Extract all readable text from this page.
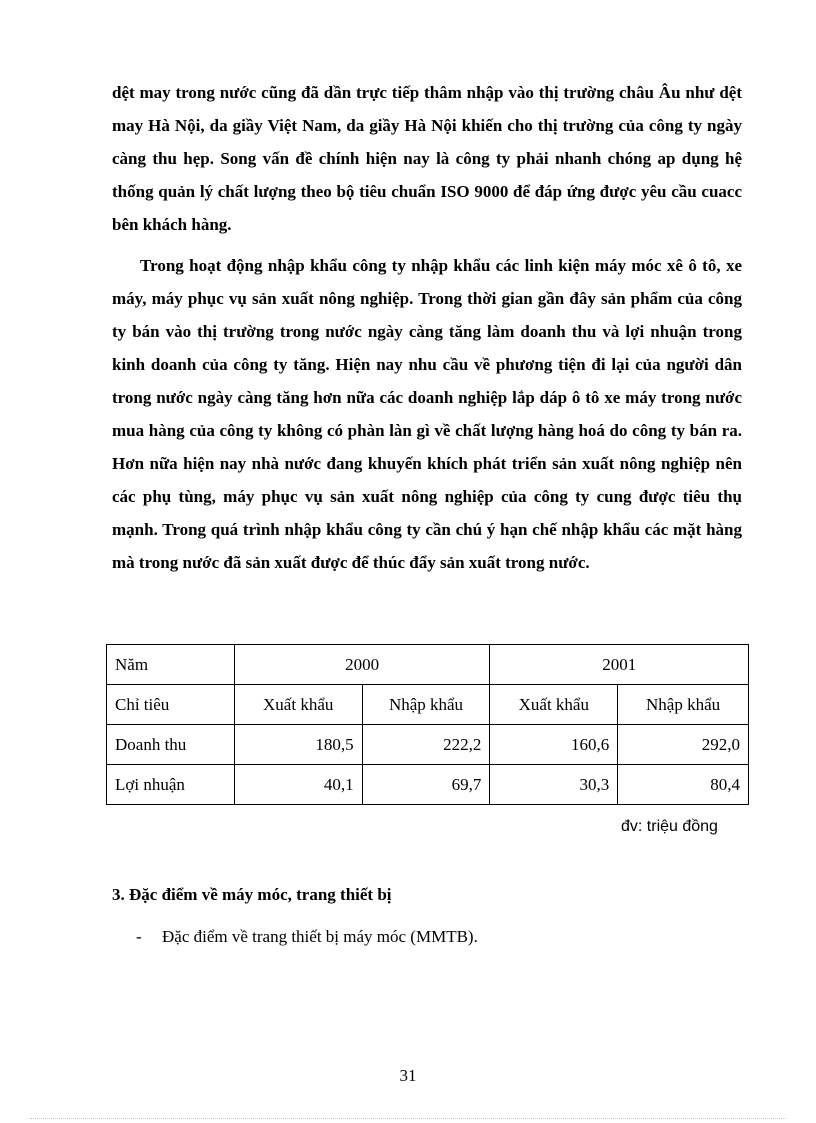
dệt may trong nước cũng đã dần trực tiếp thâm nhập vào thị trường châu Âu như dệt may Hà Nội, da giầy Việt Nam, da giầy Hà Nội khiến cho thị trường của công ty ngày càng thu hẹp. Song vấn đề chính hiện nay là công ty phải nhanh chóng ap dụng hệ thống quản lý chất lượng theo bộ tiêu chuẩn ISO 9000 để đáp ứng được yêu cầu cuacc bên khách hàng.

Trong hoạt động nhập khẩu công ty nhập khẩu các linh kiện máy móc xê ô tô, xe máy, máy phục vụ sản xuất nông nghiệp. Trong thời gian gần đây sản phẩm của công ty bán vào thị trường trong nước ngày càng tăng làm doanh thu và lợi nhuận trong kinh doanh của công ty tăng. Hiện nay nhu cầu về phương tiện đi lại của người dân trong nước ngày càng tăng hơn nữa các doanh nghiệp lắp dáp ô tô xe máy trong nước mua hàng của công ty không có phàn làn gì về chất lượng hàng hoá do công ty bán ra. Hơn nữa hiện nay nhà nước đang khuyến khích phát triển sản xuất nông nghiệp nên các phụ tùng, máy phục vụ sản xuất nông nghiệp của công ty cung được tiêu thụ mạnh. Trong quá trình nhập khẩu công ty cần chú ý hạn chế nhập khẩu các mặt hàng mà trong nước đã sản xuất được để thúc đẩy sản xuất trong nước.

Năm	2000		2001	
Chỉ tiêu	Xuất khẩu	Nhập khẩu	Xuất khẩu	Nhập khẩu
Doanh thu	180,5	222,2	160,6	292,0
Lợi nhuận	40,1	69,7	30,3	80,4
đv: triệu đồng
3. Đặc điểm về máy móc, trang thiết bị
- Đặc điểm về trang thiết bị máy móc (MMTB).
31
